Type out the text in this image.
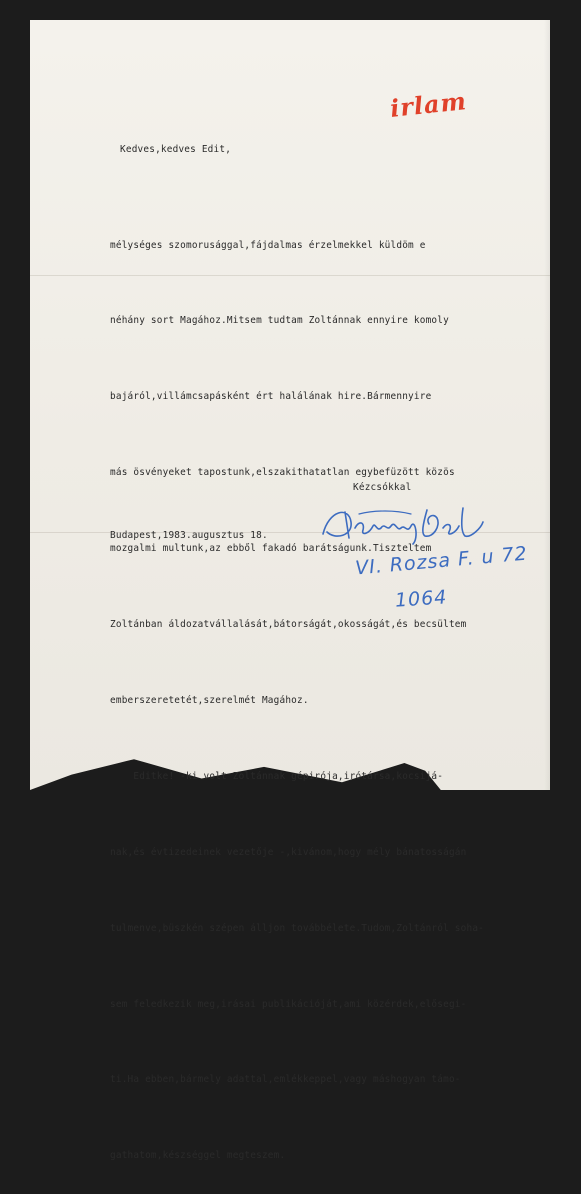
irlam
Kedves,kedves Edit,

mélységes szomorusággal,fájdalmas érzelmekkel küldöm e

néhány sort Magához.Mitsem tudtam Zoltánnak ennyire komoly

bajáról,villámcsapásként ért halálának hire.Bármennyire

más ösvényeket tapostunk,elszakithatatlan egybefüzött közös

mozgalmi multunk,az ebből fakadó barátságunk.Tiszteltem

Zoltánban áldozatvállalását,bátorságát,okosságát,és becsültem

emberszeretetét,szerelmét Magához.

Editke! -ki volt Zoltánnak gépirója,irótársa,kocsijá-

nak,és évtizedeinek vezetője -,kivánom,hogy mély bánatosságán

tulmenve,büszkén szépen álljon továbbélete.Tudom,Zoltánról soha-

sem feledkezik meg,irásai publikációját,ami közérdek,elősegi-

ti.Ha ebben,bármely adattal,emlékkeppel,vagy máshogyan támo-

gathatom,készséggel megteszem.

Kézcsókkal
Budapest,1983.augusztus 18.
VI. Rozsa F. u 72
1064
